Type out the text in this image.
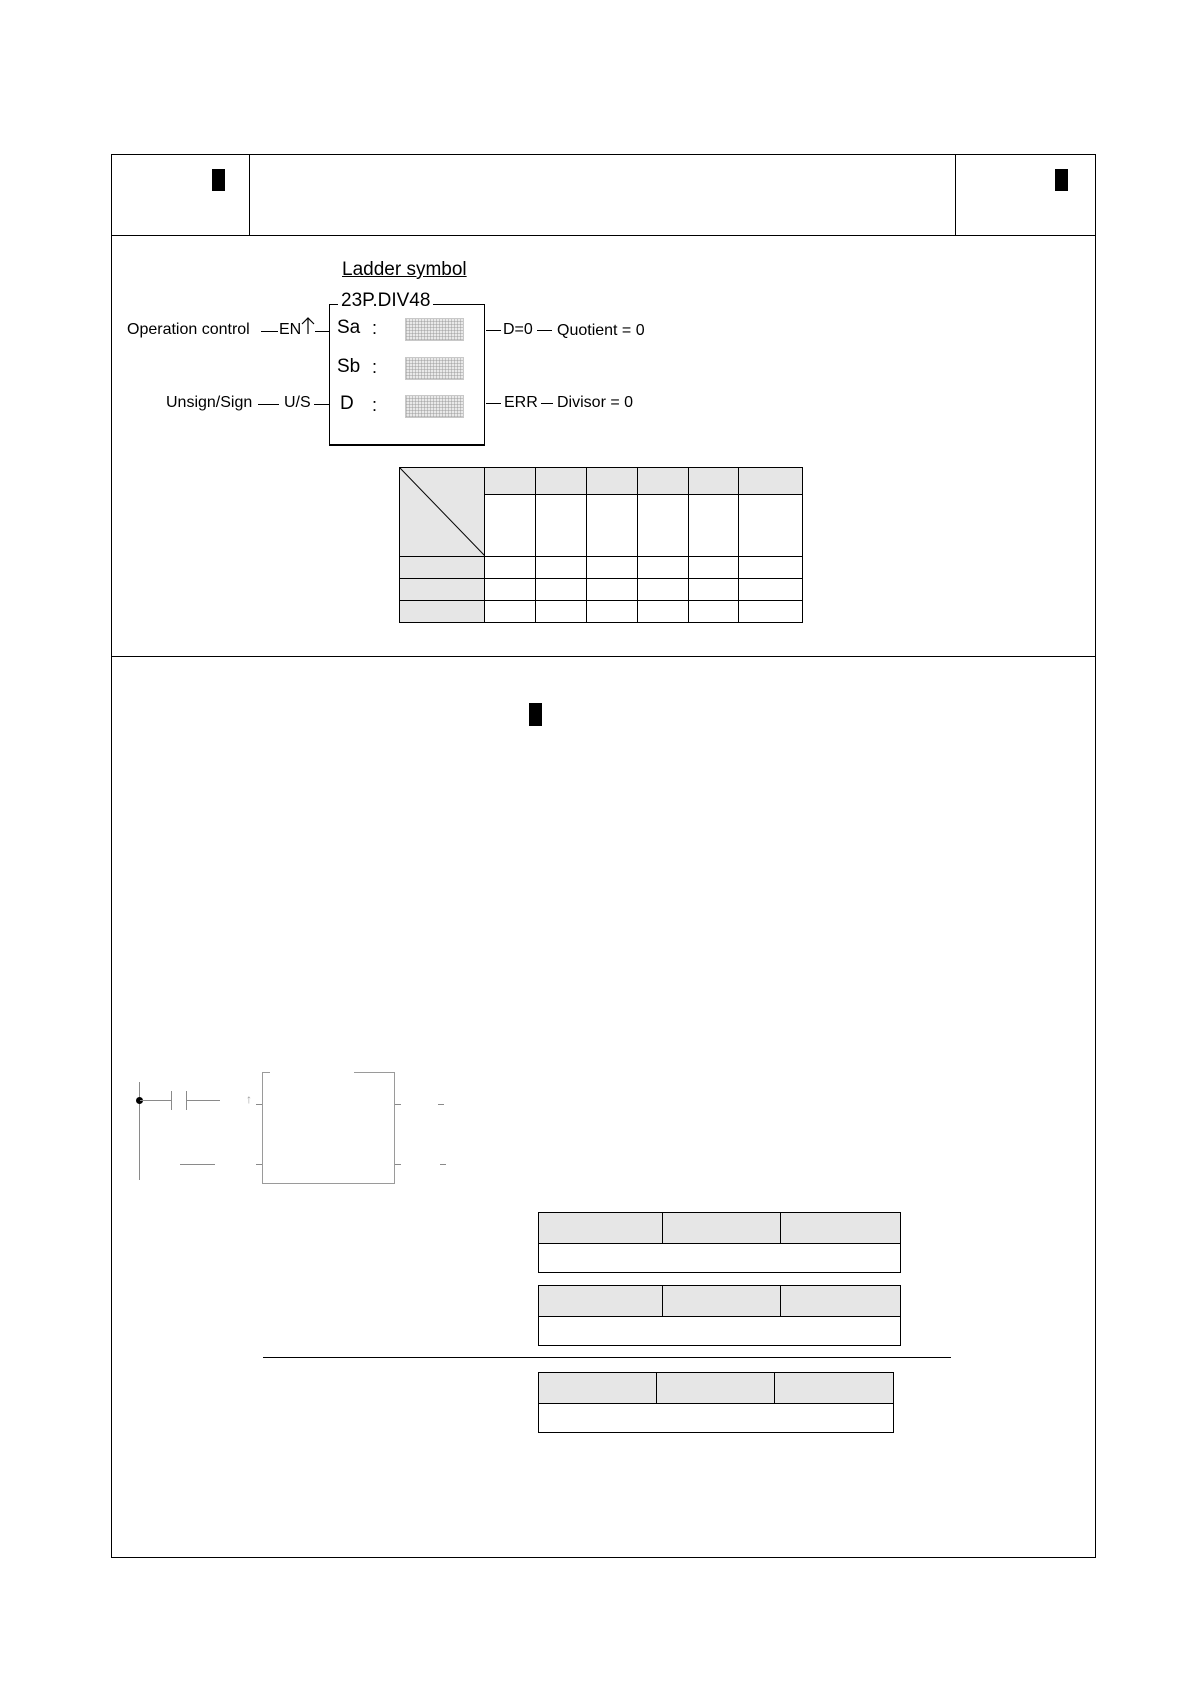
Ladder symbol
23P.DIV48
Sa :
Sb :
D :
Operation control EN
Unsign/Sign U/S
D=0 Quotient = 0
ERR Divisor = 0

↑
